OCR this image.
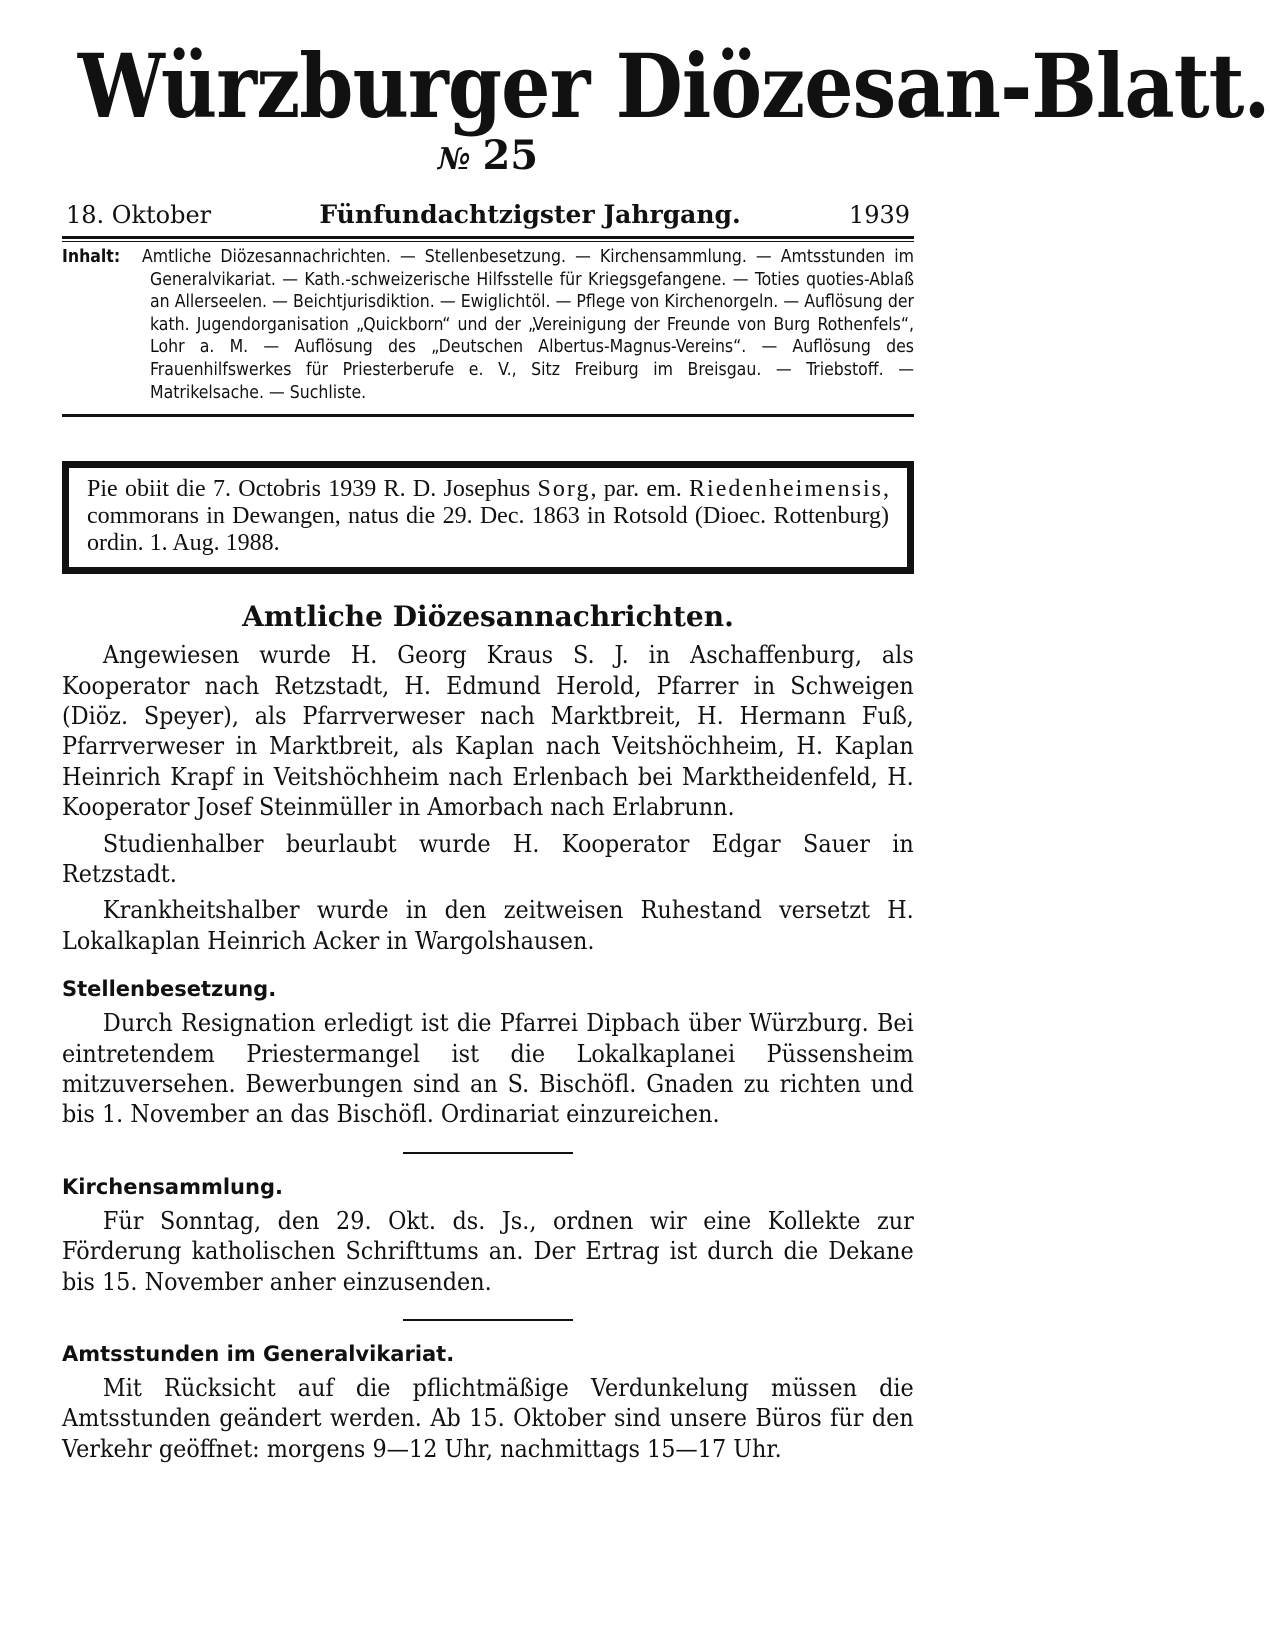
Würzburger Diözesan-Blatt.
№ 25
18. Oktober	Fünfundachtzigster Jahrgang.	1939
Inhalt: Amtliche Diözesannachrichten. — Stellenbesetzung. — Kirchensammlung. — Amtsstunden im Generalvikariat. — Kath.-schweizerische Hilfsstelle für Kriegsgefangene. — Toties quoties-Ablaß an Allerseelen. — Beichtjurisdiktion. — Ewiglichtöl. — Pflege von Kirchenorgeln. — Auflösung der kath. Jugendorganisation „Quickborn“ und der „Vereinigung der Freunde von Burg Rothenfels“, Lohr a. M. — Auflösung des „Deutschen Albertus-Magnus-Vereins“. — Auflösung des Frauenhilfswerkes für Priesterberufe e. V., Sitz Freiburg im Breisgau. — Triebstoff. — Matrikelsache. — Suchliste.
Pie obiit die 7. Octobris 1939 R. D. Josephus Sorg, par. em. Riedenheimensis, commorans in Dewangen, natus die 29. Dec. 1863 in Rotsold (Dioec. Rottenburg) ordin. 1. Aug. 1988.
Amtliche Diözesannachrichten.

Angewiesen wurde H. Georg Kraus S. J. in Aschaffenburg, als Kooperator nach Retzstadt, H. Edmund Herold, Pfarrer in Schweigen (Diöz. Speyer), als Pfarrverweser nach Marktbreit, H. Hermann Fuß, Pfarrverweser in Marktbreit, als Kaplan nach Veitshöchheim, H. Kaplan Heinrich Krapf in Veitshöchheim nach Erlenbach bei Marktheidenfeld, H. Kooperator Josef Steinmüller in Amorbach nach Erlabrunn.

Studienhalber beurlaubt wurde H. Kooperator Edgar Sauer in Retzstadt.

Krankheitshalber wurde in den zeitweisen Ruhestand versetzt H. Lokalkaplan Heinrich Acker in Wargolshausen.

Stellenbesetzung.

Durch Resignation erledigt ist die Pfarrei Dipbach über Würzburg. Bei eintretendem Priestermangel ist die Lokalkaplanei Püssensheim mitzuversehen. Bewerbungen sind an S. Bischöfl. Gnaden zu richten und bis 1. November an das Bischöfl. Ordinariat einzureichen.

Kirchensammlung.

Für Sonntag, den 29. Okt. ds. Js., ordnen wir eine Kollekte zur Förderung katholischen Schrifttums an. Der Ertrag ist durch die Dekane bis 15. November anher einzusenden.

Amtsstunden im Generalvikariat.

Mit Rücksicht auf die pflichtmäßige Verdunkelung müssen die Amtsstunden geändert werden. Ab 15. Oktober sind unsere Büros für den Verkehr geöffnet: morgens 9—12 Uhr, nachmittags 15—17 Uhr.
